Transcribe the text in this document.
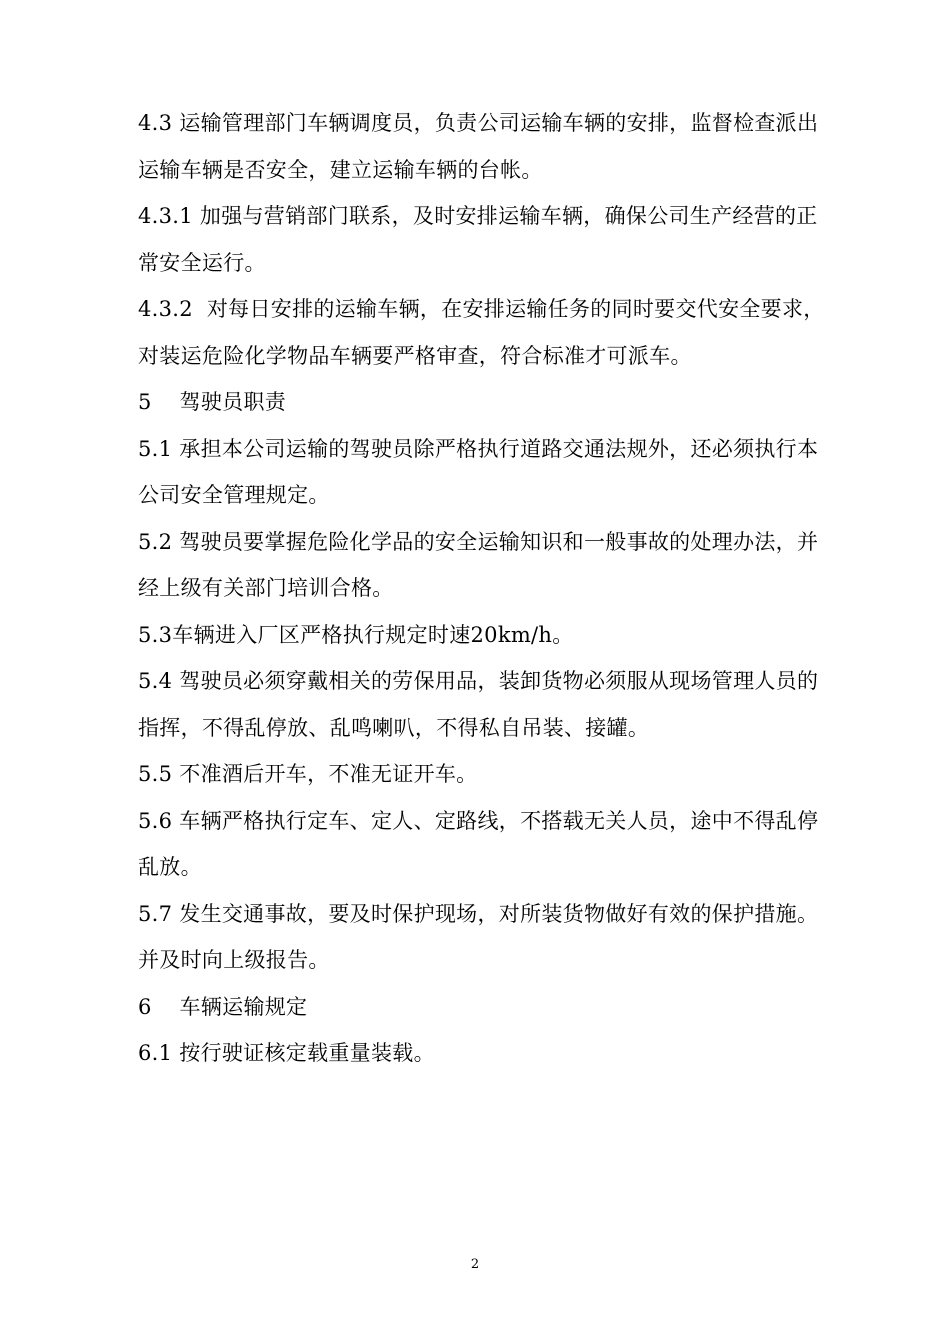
4.3 运输管理部门车辆调度员，负责公司运输车辆的安排，监督检查派出运输车辆是否安全，建立运输车辆的台帐。

4.3.1 加强与营销部门联系，及时安排运输车辆，确保公司生产经营的正常安全运行。

4.3.2  对每日安排的运输车辆，在安排运输任务的同时要交代安全要求，对装运危险化学物品车辆要严格审查，符合标准才可派车。

5    驾驶员职责

5.1 承担本公司运输的驾驶员除严格执行道路交通法规外，还必须执行本公司安全管理规定。

5.2 驾驶员要掌握危险化学品的安全运输知识和一般事故的处理办法，并经上级有关部门培训合格。

5.3车辆进入厂区严格执行规定时速20km/h。

5.4 驾驶员必须穿戴相关的劳保用品，装卸货物必须服从现场管理人员的指挥，不得乱停放、乱鸣喇叭，不得私自吊装、接罐。

5.5 不准酒后开车，不准无证开车。

5.6 车辆严格执行定车、定人、定路线，不搭载无关人员，途中不得乱停乱放。

5.7 发生交通事故，要及时保护现场，对所装货物做好有效的保护措施。

并及时向上级报告。

6    车辆运输规定

6.1 按行驶证核定载重量装载。

2
